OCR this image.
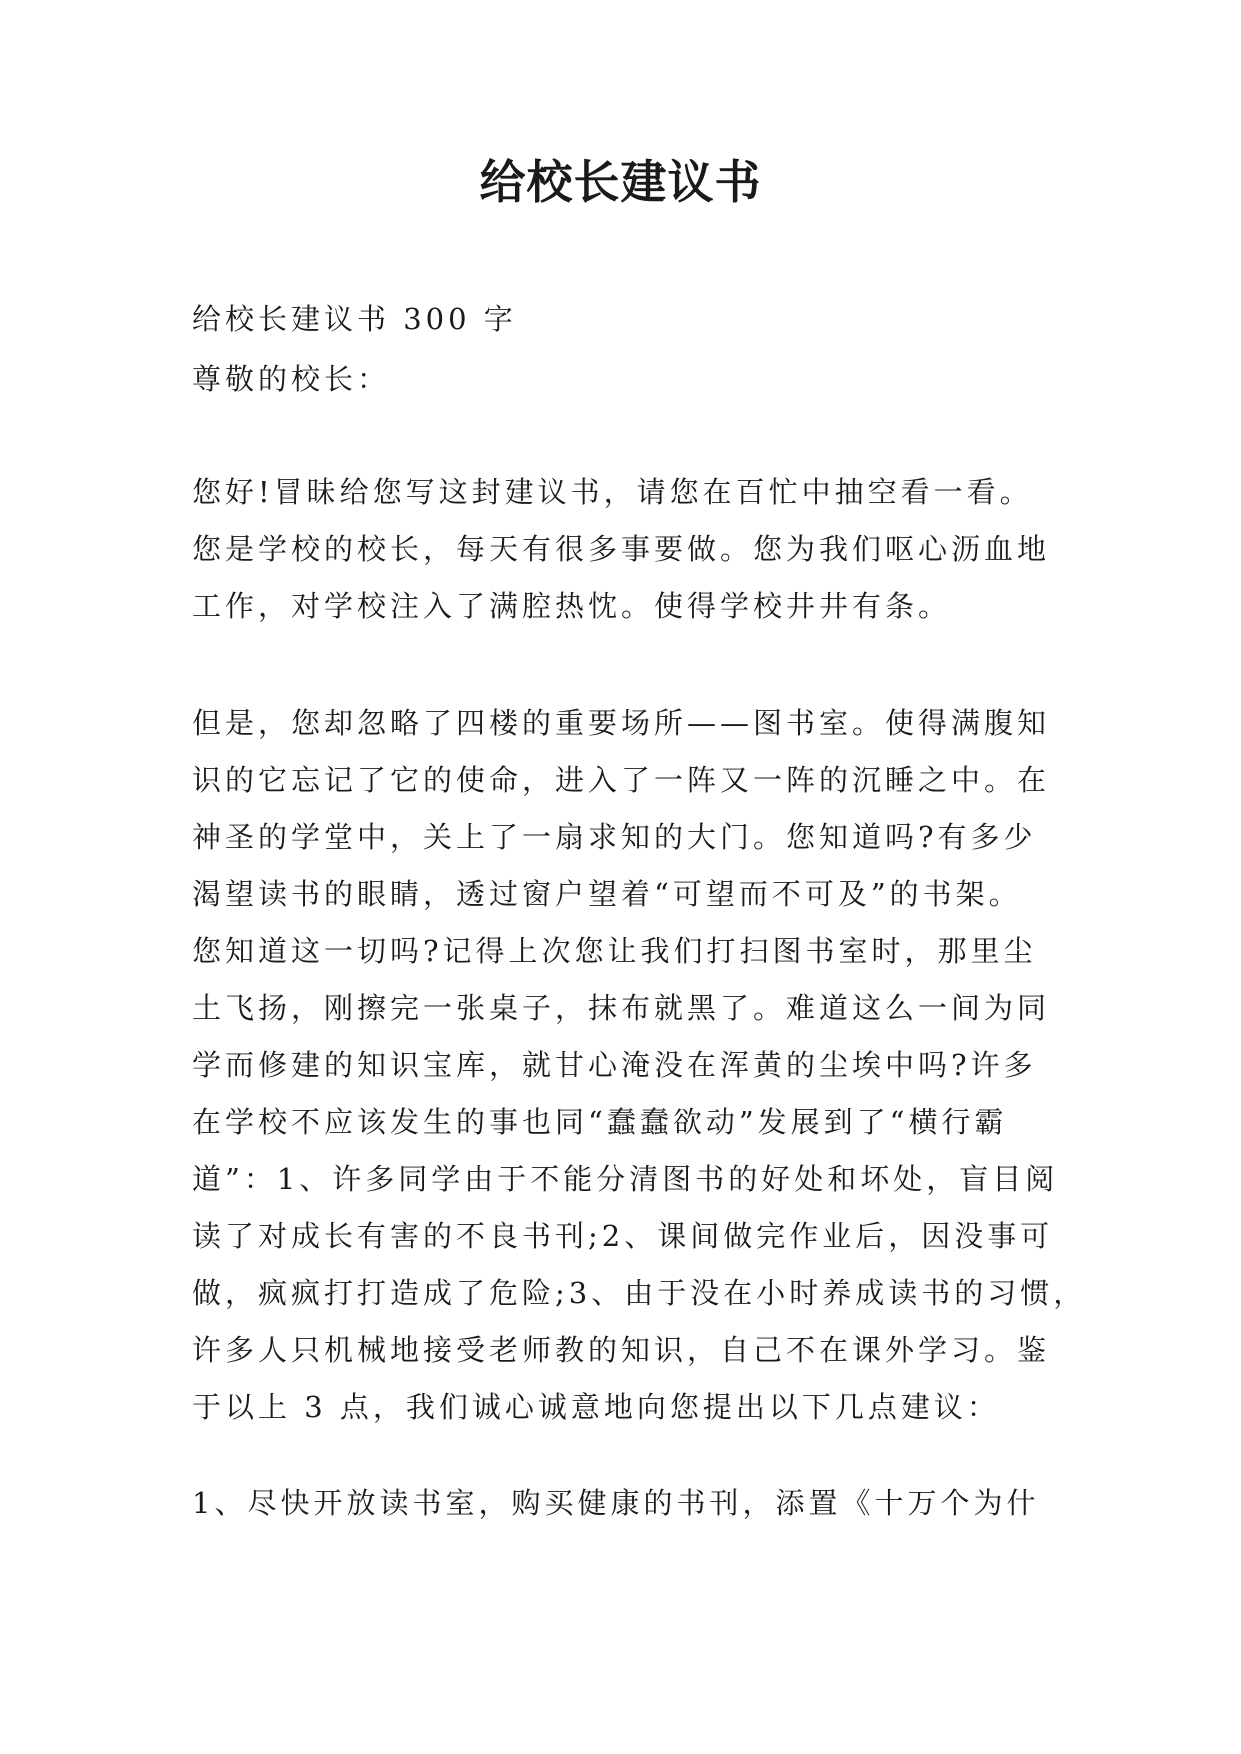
给校长建议书
给校长建议书 300 字
尊敬的校长：
您好!冒昧给您写这封建议书，请您在百忙中抽空看一看。
您是学校的校长，每天有很多事要做。您为我们呕心沥血地
工作，对学校注入了满腔热忱。使得学校井井有条。
但是，您却忽略了四楼的重要场所——图书室。使得满腹知
识的它忘记了它的使命，进入了一阵又一阵的沉睡之中。在
神圣的学堂中，关上了一扇求知的大门。您知道吗?有多少
渴望读书的眼睛，透过窗户望着“可望而不可及”的书架。
您知道这一切吗?记得上次您让我们打扫图书室时，那里尘
土飞扬，刚擦完一张桌子，抹布就黑了。难道这么一间为同
学而修建的知识宝库，就甘心淹没在浑黄的尘埃中吗?许多
在学校不应该发生的事也同“蠢蠢欲动”发展到了“横行霸
道”：1、许多同学由于不能分清图书的好处和坏处，盲目阅
读了对成长有害的不良书刊;2、课间做完作业后，因没事可
做，疯疯打打造成了危险;3、由于没在小时养成读书的习惯，
许多人只机械地接受老师教的知识，自己不在课外学习。鉴
于以上 3 点，我们诚心诚意地向您提出以下几点建议：
1、尽快开放读书室，购买健康的书刊，添置《十万个为什
